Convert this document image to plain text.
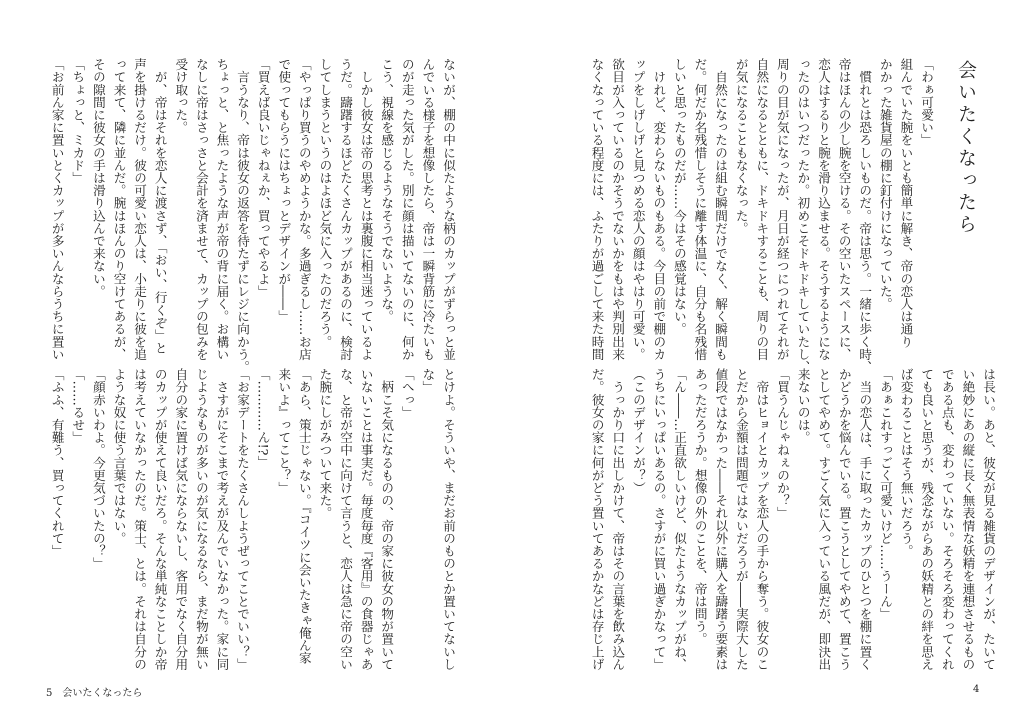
ないが、棚の中に似たような柄のカップがずらっと並
んでいる様子を想像したら、帝は一瞬背筋に冷たいも
のが走った気がした。別に顔は描いてないのに、何か
こう、視線を感じるようなそうでないような。
　しかし彼女は帝の思考とは裏腹に相当迷っているよ
うだ。躊躇するほどたくさんカップがあるのに、検討
してしまうというのはよほど気に入ったのだろう。
「やっぱり買うのやめようかな。多過ぎるし……お店
で使ってもらうにはちょっとデザインが――」
「買えば良いじゃねぇか、買ってやるよ」
　言うなり、帝は彼女の返答を待たずにレジに向かう。
ちょっと、と焦ったような声が帝の背に届く。お構い
なしに帝はさっさと会計を済ませて、カップの包みを
受け取った。
　が、帝はそれを恋人に渡さず、「おい、行くぞ」と
声を掛けるだけ。彼の可愛い恋人は、小走りに彼を追
って来て、隣に並んだ。腕はほんのり空けてあるが、
その隙間に彼女の手は滑り込んで来ない。
「ちょっと、ミカド」
「お前ん家に置いとくカップが多いんならうちに置い
とけよ。そういや、まだお前のものとか置いてないし
な」
「へっ」
　柄こそ気になるものの、帝の家に彼女の物が置いて
いないことは事実だ。毎度毎度『客用』の食器じゃあ
な、と帝が空中に向けて言うと、恋人は急に帝の空い
た腕にしがみついて来た。
「あら、策士じゃない。『コイツに会いたきゃ俺ん家
来いよ』ってこと？」
「…………ん!?」
「お家デートをたくさんしようぜってことでいい？」
　さすがにそこまで考えが及んでいなかった。家に同
じようなものが多いのが気になるなら、まだ物が無い
自分の家に置けば気にならないし、客用でなく自分用
のカップが使えて良いだろ。そんな単純なことしか帝
は考えていなかったのだ。策士、とは。それは自分の
ような奴に使う言葉ではない。
「顔赤いわよ。今更気づいたの？」
「……るせ」
「ふふ、有難う、買ってくれて」
会いたくなったら
「わぁ可愛い」
組んでいた腕をいとも簡単に解き、帝の恋人は通り
かかった雑貨屋の棚に釘付けになっていた。
　慣れとは恐ろしいものだ。帝は思う。一緒に歩く時、
帝はほんの少し腕を空ける。その空いたスペースに、
恋人はするりと腕を滑り込ませる。そうするようにな
ったのはいつだったか。初めこそドキドキしていたし、
周りの目が気になったが、月日が経つにつれてそれが
自然になるとともに、ドキドキすることも、周りの目
が気になることもなくなった。
　自然になったのは組む瞬間だけでなく、解く瞬間も
だ。何だか名残惜しそうに離す体温に、自分も名残惜
しいと思ったものだが……今はその感覚はない。
　けれど、変わらないものもある。今目の前で棚のカ
ップをしげしげと見つめる恋人の顔はやはり可愛い。
欲目が入っているのかそうでないかをもはや判別出来
なくなっている程度には、ふたりが過ごして来た時間
は長い。あと、彼女が見る雑貨のデザインが、たいて
い絶妙にあの縦に長く無表情な妖精を連想させるもの
である点も、変わっていない。そろそろ変わってくれ
ても良いと思うが、残念ながらあの妖精との絆を思え
ば変わることはそう無いだろう。
「あぁこれすっごく可愛いけど……うーん」
　当の恋人は、手に取ったカップのひとつを棚に置く
かどうかを悩んでいる。置こうとしてやめて、置こう
としてやめて。すごく気に入っている風だが、即決出
来ないのは。
「買うんじゃねぇのか？」
　帝はヒョイとカップを恋人の手から奪う。彼女のこ
とだから金額は問題ではないだろうが――実際大した
値段ではなかった――それ以外に購入を躊躇う要素は
あっただろうか。想像の外のことを、帝は問う。
「ん――…正直欲しいけど、似たようなカップがね、
うちにいっぱいあるの。さすがに買い過ぎかなって」
（このデザインが？）
　うっかり口に出しかけて、帝はその言葉を飲み込ん
だ。彼女の家に何がどう置いてあるかなどは存じ上げ
5　会いたくなったら	4
